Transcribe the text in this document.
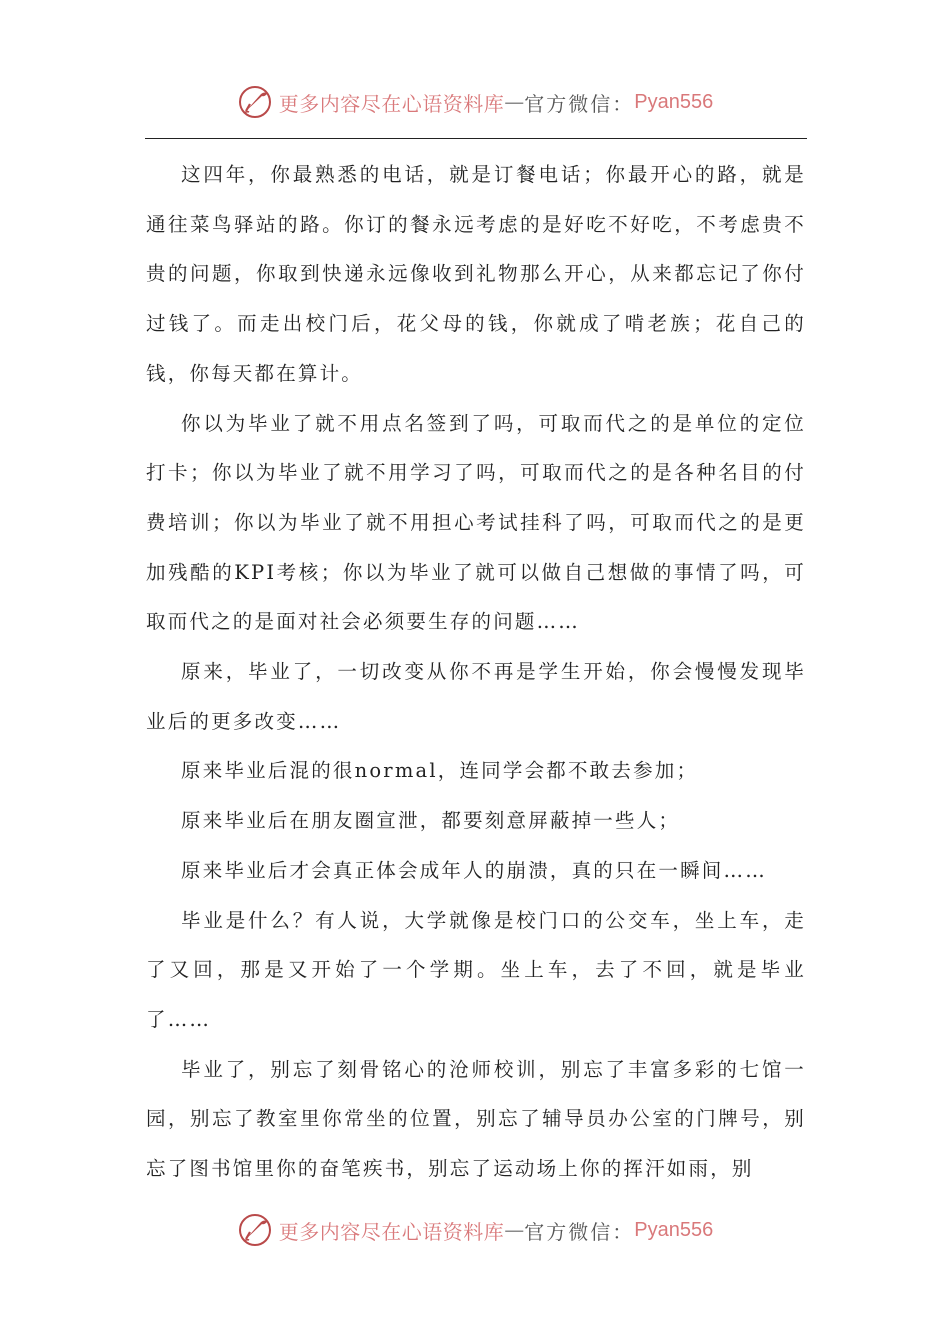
更多内容尽在心语资料库 — 官方微信： Pyan556

这四年，你最熟悉的电话，就是订餐电话；你最开心的路，就是通往菜鸟驿站的路。你订的餐永远考虑的是好吃不好吃，不考虑贵不贵的问题，你取到快递永远像收到礼物那么开心，从来都忘记了你付过钱了。而走出校门后，花父母的钱，你就成了啃老族；花自己的钱，你每天都在算计。

你以为毕业了就不用点名签到了吗，可取而代之的是单位的定位打卡；你以为毕业了就不用学习了吗，可取而代之的是各种名目的付费培训；你以为毕业了就不用担心考试挂科了吗，可取而代之的是更加残酷的KPI考核；你以为毕业了就可以做自己想做的事情了吗，可取而代之的是面对社会必须要生存的问题……

原来，毕业了，一切改变从你不再是学生开始，你会慢慢发现毕业后的更多改变……

原来毕业后混的很normal，连同学会都不敢去参加；

原来毕业后在朋友圈宣泄，都要刻意屏蔽掉一些人；

原来毕业后才会真正体会成年人的崩溃，真的只在一瞬间……

毕业是什么？有人说，大学就像是校门口的公交车，坐上车，走了又回，那是又开始了一个学期。坐上车，去了不回，就是毕业了……

毕业了，别忘了刻骨铭心的沧师校训，别忘了丰富多彩的七馆一园，别忘了教室里你常坐的位置，别忘了辅导员办公室的门牌号，别忘了图书馆里你的奋笔疾书，别忘了运动场上你的挥汗如雨，别

更多内容尽在心语资料库 — 官方微信： Pyan556
